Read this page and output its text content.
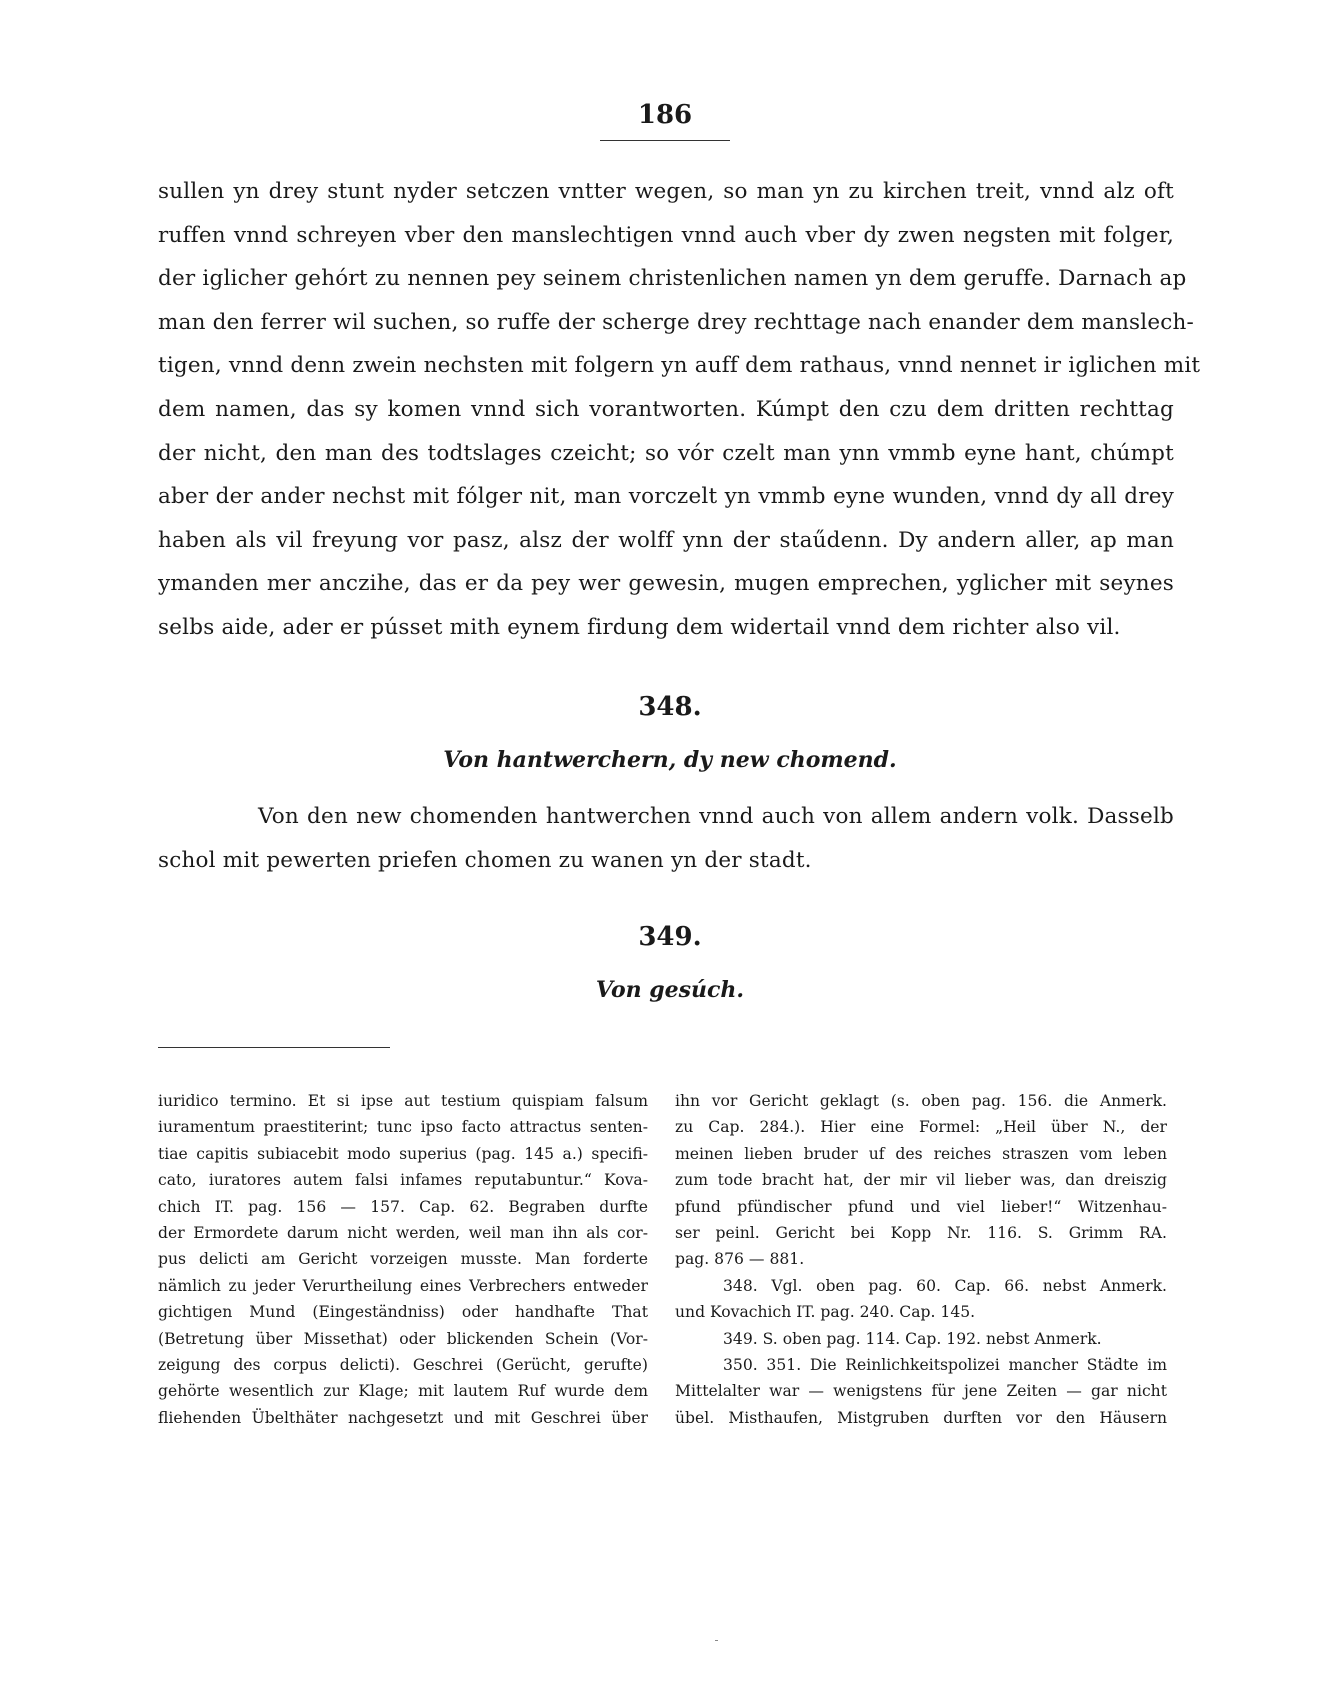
186
sullen yn drey stunt nyder setczen vntter wegen, so man yn zu kirchen treit, vnnd alz oft
ruffen vnnd schreyen vber den manslechtigen vnnd auch vber dy zwen negsten mit folger,
der iglicher gehórt zu nennen pey seinem christenlichen namen yn dem geruffe. Darnach ap
man den ferrer wil suchen, so ruffe der scherge drey rechttage nach enander dem manslech-
tigen, vnnd denn zwein nechsten mit folgern yn auff dem rathaus, vnnd nennet ir iglichen mit
dem namen, das sy komen vnnd sich vorantworten. Kúmpt den czu dem dritten rechttag
der nicht, den man des todtslages czeicht; so vór czelt man ynn vmmb eyne hant, chúmpt
aber der ander nechst mit fólger nit, man vorczelt yn vmmb eyne wunden, vnnd dy all drey
haben als vil freyung vor pasz, alsz der wolff ynn der staűdenn. Dy andern aller, ap man
ymanden mer anczihe, das er da pey wer gewesin, mugen emprechen, yglicher mit seynes
selbs aide, ader er pússet mith eynem firdung dem widertail vnnd dem richter also vil.
348.
Von hantwerchern, dy new chomend.
Von den new chomenden hantwerchen vnnd auch von allem andern volk. Dasselb
schol mit pewerten priefen chomen zu wanen yn der stadt.
349.
Von gesúch.
iuridico termino. Et si ipse aut testium quispiam falsum
iuramentum praestiterint; tunc ipso facto attractus senten-
tiae capitis subiacebit modo superius (pag. 145 a.) specifi-
cato, iuratores autem falsi infames reputabuntur.“ Kova-
chich IT. pag. 156 — 157. Cap. 62. Begraben durfte
der Ermordete darum nicht werden, weil man ihn als cor-
pus delicti am Gericht vorzeigen musste. Man forderte
nämlich zu jeder Verurtheilung eines Verbrechers entweder
gichtigen Mund (Eingeständniss) oder handhafte That
(Betretung über Missethat) oder blickenden Schein (Vor-
zeigung des corpus delicti). Geschrei (Gerücht, gerufte)
gehörte wesentlich zur Klage; mit lautem Ruf wurde dem
fliehenden Übelthäter nachgesetzt und mit Geschrei über
ihn vor Gericht geklagt (s. oben pag. 156. die Anmerk.
zu Cap. 284.). Hier eine Formel: „Heil über N., der
meinen lieben bruder uf des reiches straszen vom leben
zum tode bracht hat, der mir vil lieber was, dan dreiszig
pfund pfündischer pfund und viel lieber!“ Witzenhau-
ser peinl. Gericht bei Kopp Nr. 116. S. Grimm RA.
pag. 876 — 881.
348. Vgl. oben pag. 60. Cap. 66. nebst Anmerk.
und Kovachich IT. pag. 240. Cap. 145.
349. S. oben pag. 114. Cap. 192. nebst Anmerk.
350. 351. Die Reinlichkeitspolizei mancher Städte im
Mittelalter war — wenigstens für jene Zeiten — gar nicht
übel. Misthaufen, Mistgruben durften vor den Häusern
